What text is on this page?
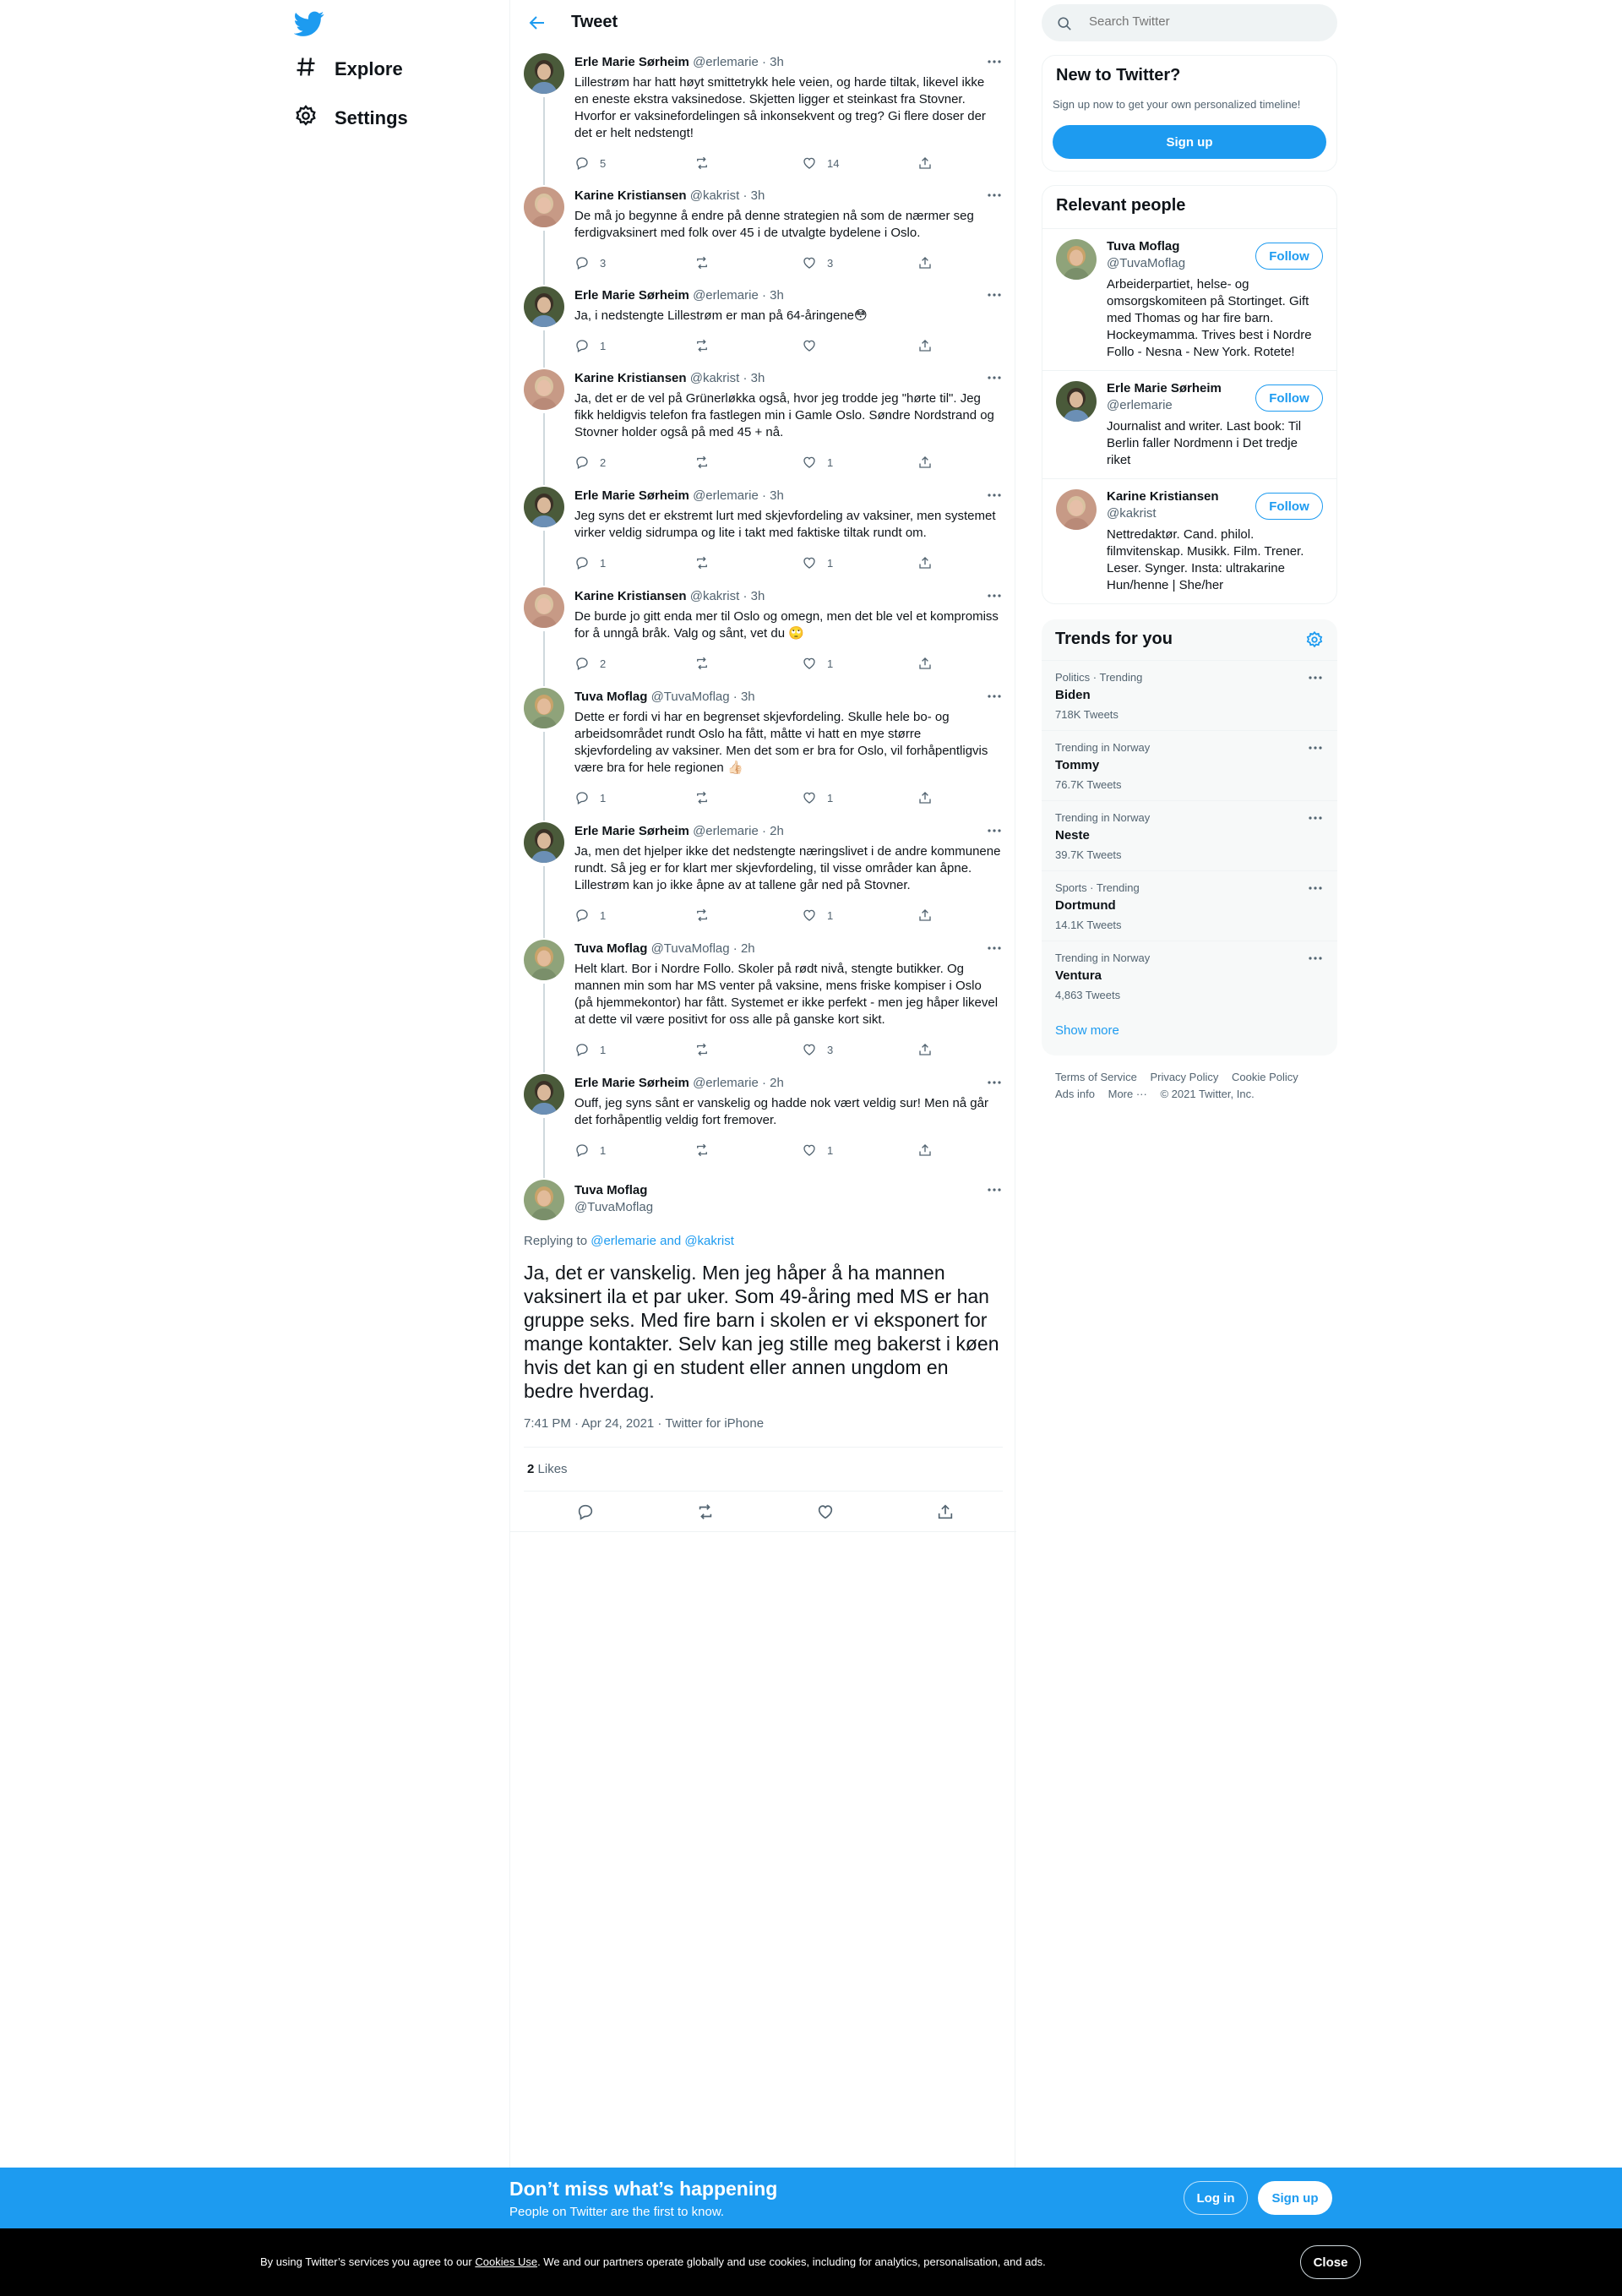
Explore
Settings
Tweet
Erle Marie Sørheim @erlemarie · 3h
Lillestrøm har hatt høyt smittetrykk hele veien, og harde tiltak, likevel ikke
en eneste ekstra vaksinedose. Skjetten ligger et steinkast fra Stovner.
Hvorfor er vaksinefordelingen så inkonsekvent og treg? Gi flere doser der
det er helt nedstengt!
5	14
Karine Kristiansen @kakrist · 3h
De må jo begynne å endre på denne strategien nå som de nærmer seg
ferdigvaksinert med folk over 45 i de utvalgte bydelene i Oslo.
3	3
Erle Marie Sørheim @erlemarie · 3h
Ja, i nedstengte Lillestrøm er man på 64-åringene😳
1
Karine Kristiansen @kakrist · 3h
Ja, det er de vel på Grünerløkka også, hvor jeg trodde jeg "hørte til". Jeg
fikk heldigvis telefon fra fastlegen min i Gamle Oslo. Søndre Nordstrand og
Stovner holder også på med 45 + nå.
2	1
Erle Marie Sørheim @erlemarie · 3h
Jeg syns det er ekstremt lurt med skjevfordeling av vaksiner, men systemet
virker veldig sidrumpa og lite i takt med faktiske tiltak rundt om.
1	1
Karine Kristiansen @kakrist · 3h
De burde jo gitt enda mer til Oslo og omegn, men det ble vel et kompromiss
for å unngå bråk. Valg og sånt, vet du 🙄
2	1
Tuva Moflag @TuvaMoflag · 3h
Dette er fordi vi har en begrenset skjevfordeling. Skulle hele bo- og
arbeidsområdet rundt Oslo ha fått, måtte vi hatt en mye større
skjevfordeling av vaksiner. Men det som er bra for Oslo, vil forhåpentligvis
være bra for hele regionen 👍🏻
1	1
Erle Marie Sørheim @erlemarie · 2h
Ja, men det hjelper ikke det nedstengte næringslivet i de andre kommunene
rundt. Så jeg er for klart mer skjevfordeling, til visse områder kan åpne.
Lillestrøm kan jo ikke åpne av at tallene går ned på Stovner.
1	1
Tuva Moflag @TuvaMoflag · 2h
Helt klart. Bor i Nordre Follo. Skoler på rødt nivå, stengte butikker. Og
mannen min som har MS venter på vaksine, mens friske kompiser i Oslo
(på hjemmekontor) har fått. Systemet er ikke perfekt - men jeg håper likevel
at dette vil være positivt for oss alle på ganske kort sikt.
1	3
Erle Marie Sørheim @erlemarie · 2h
Ouff, jeg syns sånt er vanskelig og hadde nok vært veldig sur! Men nå går
det forhåpentlig veldig fort fremover.
1	1
Tuva Moflag
@TuvaMoflag
Replying to @erlemarie and @kakrist
Ja, det er vanskelig. Men jeg håper å ha mannen
vaksinert ila et par uker. Som 49-åring med MS er han
gruppe seks. Med fire barn i skolen er vi eksponert for
mange kontakter. Selv kan jeg stille meg bakerst i køen
hvis det kan gi en student eller annen ungdom en
bedre hverdag.
7:41 PM · Apr 24, 2021 · Twitter for iPhone
2 Likes
Search Twitter
New to Twitter?
Sign up now to get your own personalized timeline!
Sign up
Relevant people
Tuva Moflag
@TuvaMoflag	Follow
Arbeiderpartiet, helse- og
omsorgskomiteen på Stortinget. Gift
med Thomas og har fire barn.
Hockeymamma. Trives best i Nordre
Follo - Nesna - New York. Rotete!
Erle Marie Sørheim
@erlemarie	Follow
Journalist and writer. Last book: Til
Berlin faller Nordmenn i Det tredje
riket
Karine Kristiansen
@kakrist	Follow
Nettredaktør. Cand. philol.
filmvitenskap. Musikk. Film. Trener.
Leser. Synger. Insta: ultrakarine
Hun/henne | She/her
Trends for you
Politics · Trending
Biden
718K Tweets
Trending in Norway
Tommy
76.7K Tweets
Trending in Norway
Neste
39.7K Tweets
Sports · Trending
Dortmund
14.1K Tweets
Trending in Norway
Ventura
4,863 Tweets
Show more
Terms of Service Privacy Policy Cookie Policy
Ads info More ··· © 2021 Twitter, Inc.
Don’t miss what’s happening
People on Twitter are the first to know.
Log in	Sign up
By using Twitter’s services you agree to our Cookies Use. We and our partners operate globally and use cookies, including for analytics, personalisation, and ads.	Close
